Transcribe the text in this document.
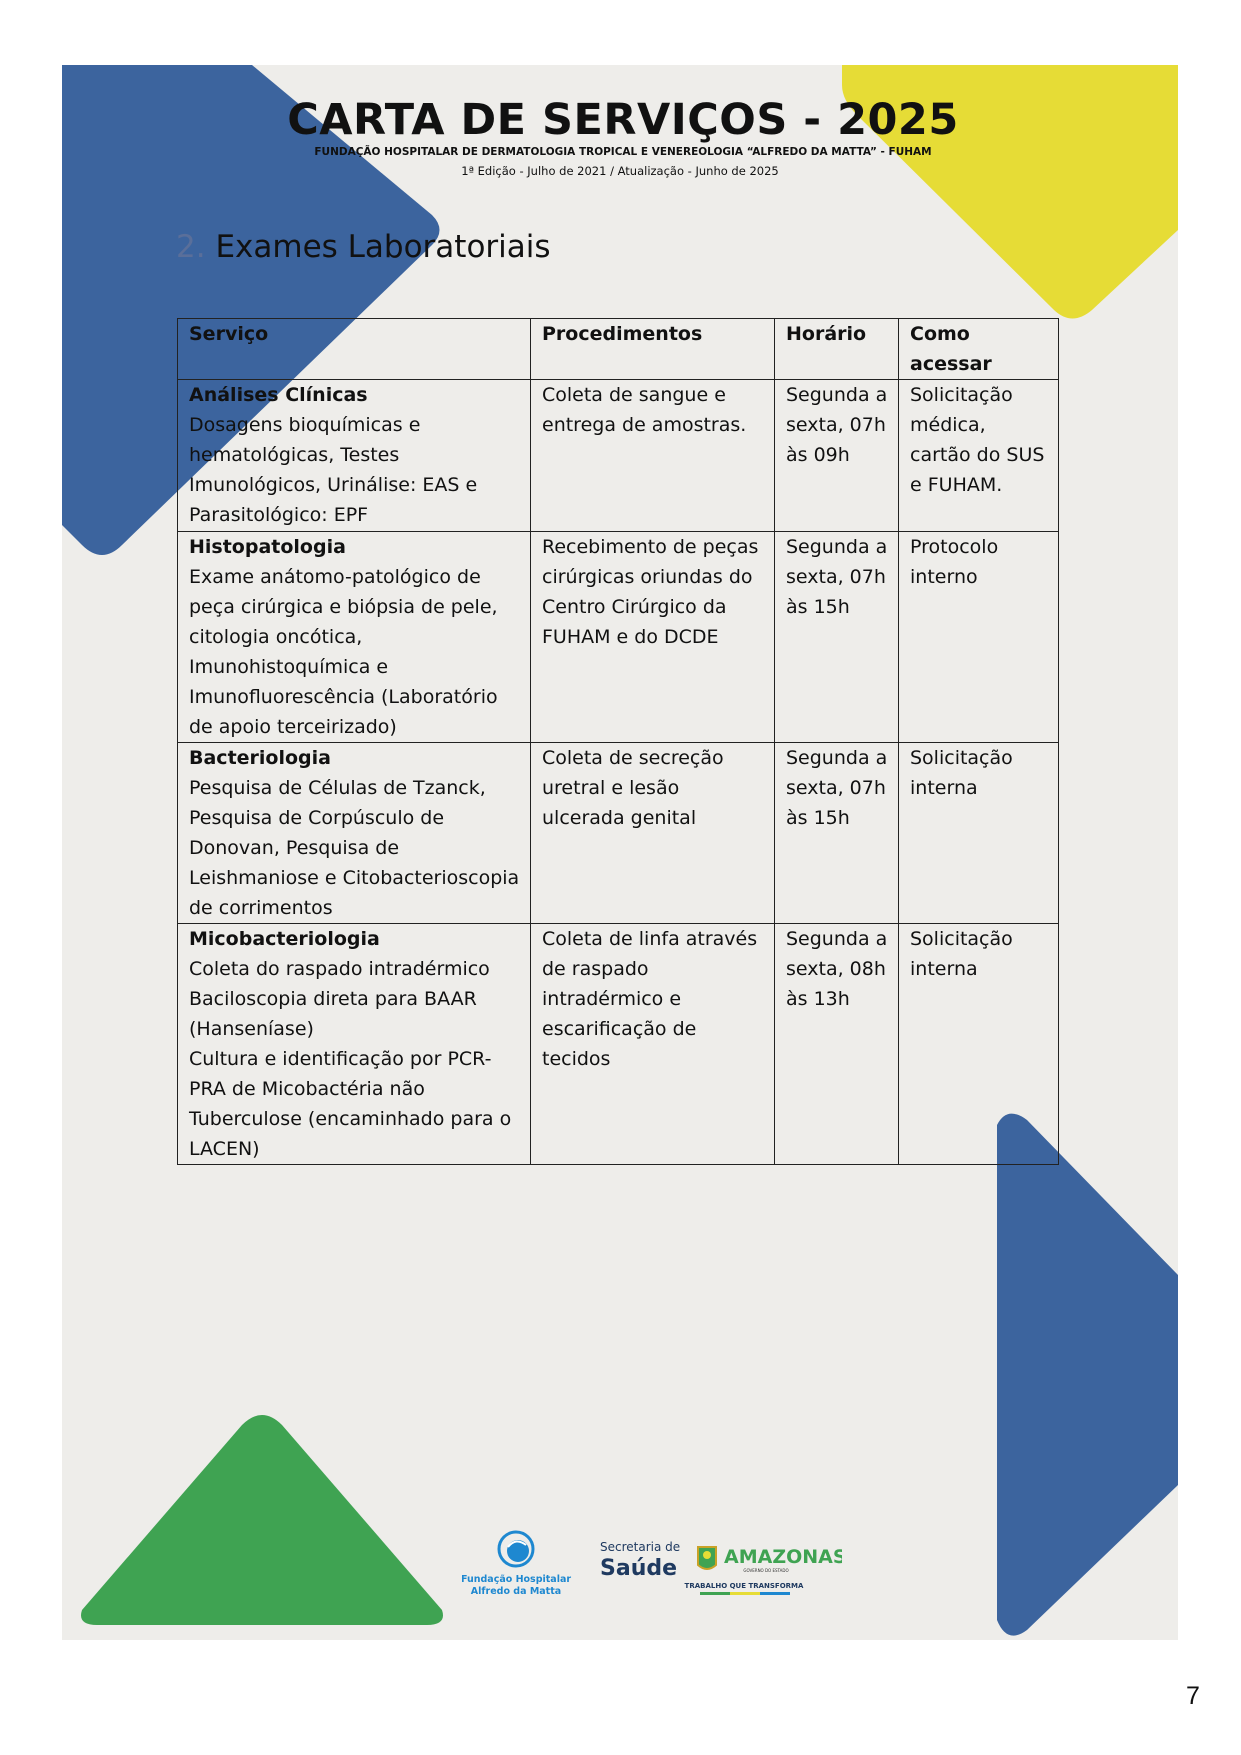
CARTA DE SERVIÇOS - 2025
FUNDAÇÃO HOSPITALAR DE DERMATOLOGIA TROPICAL E VENEREOLOGIA “ALFREDO DA MATTA” - FUHAM
1ª Edição - Julho de 2021 / Atualização - Junho de 2025
2. Exames Laboratoriais
Serviço	Procedimentos	Horário	Como acessar

Análises Clínicas
Dosagens bioquímicas e hematológicas, Testes Imunológicos, Urinálise: EAS e Parasitológico: EPF	Coleta de sangue e entrega de amostras.	Segunda a sexta, 07h às 09h	Solicitação médica, cartão do SUS e FUHAM.

Histopatologia
Exame anátomo-patológico de peça cirúrgica e biópsia de pele, citologia oncótica, Imunohistoquímica e Imunofluorescência (Laboratório de apoio terceirizado)	Recebimento de peças cirúrgicas oriundas do Centro Cirúrgico da FUHAM e do DCDE	Segunda a sexta, 07h às 15h	Protocolo interno

Bacteriologia
Pesquisa de Células de Tzanck, Pesquisa de Corpúsculo de Donovan, Pesquisa de Leishmaniose e Citobacterioscopia de corrimentos	Coleta de secreção uretral e lesão ulcerada genital	Segunda a sexta, 07h às 15h	Solicitação interna

Micobacteriologia
Coleta do raspado intradérmico
Baciloscopia direta para BAAR (Hanseníase)
Cultura e identificação por PCR-PRA de Micobactéria não Tuberculose (encaminhado para o LACEN)	Coleta de linfa através de raspado intradérmico e escarificação de tecidos	Segunda a sexta, 08h às 13h	Solicitação interna
Fundação Hospitalar
Alfredo da Matta
Secretaria de
Saúde AMAZONAS
GOVERNO DO ESTADO
TRABALHO QUE TRANSFORMA
7
